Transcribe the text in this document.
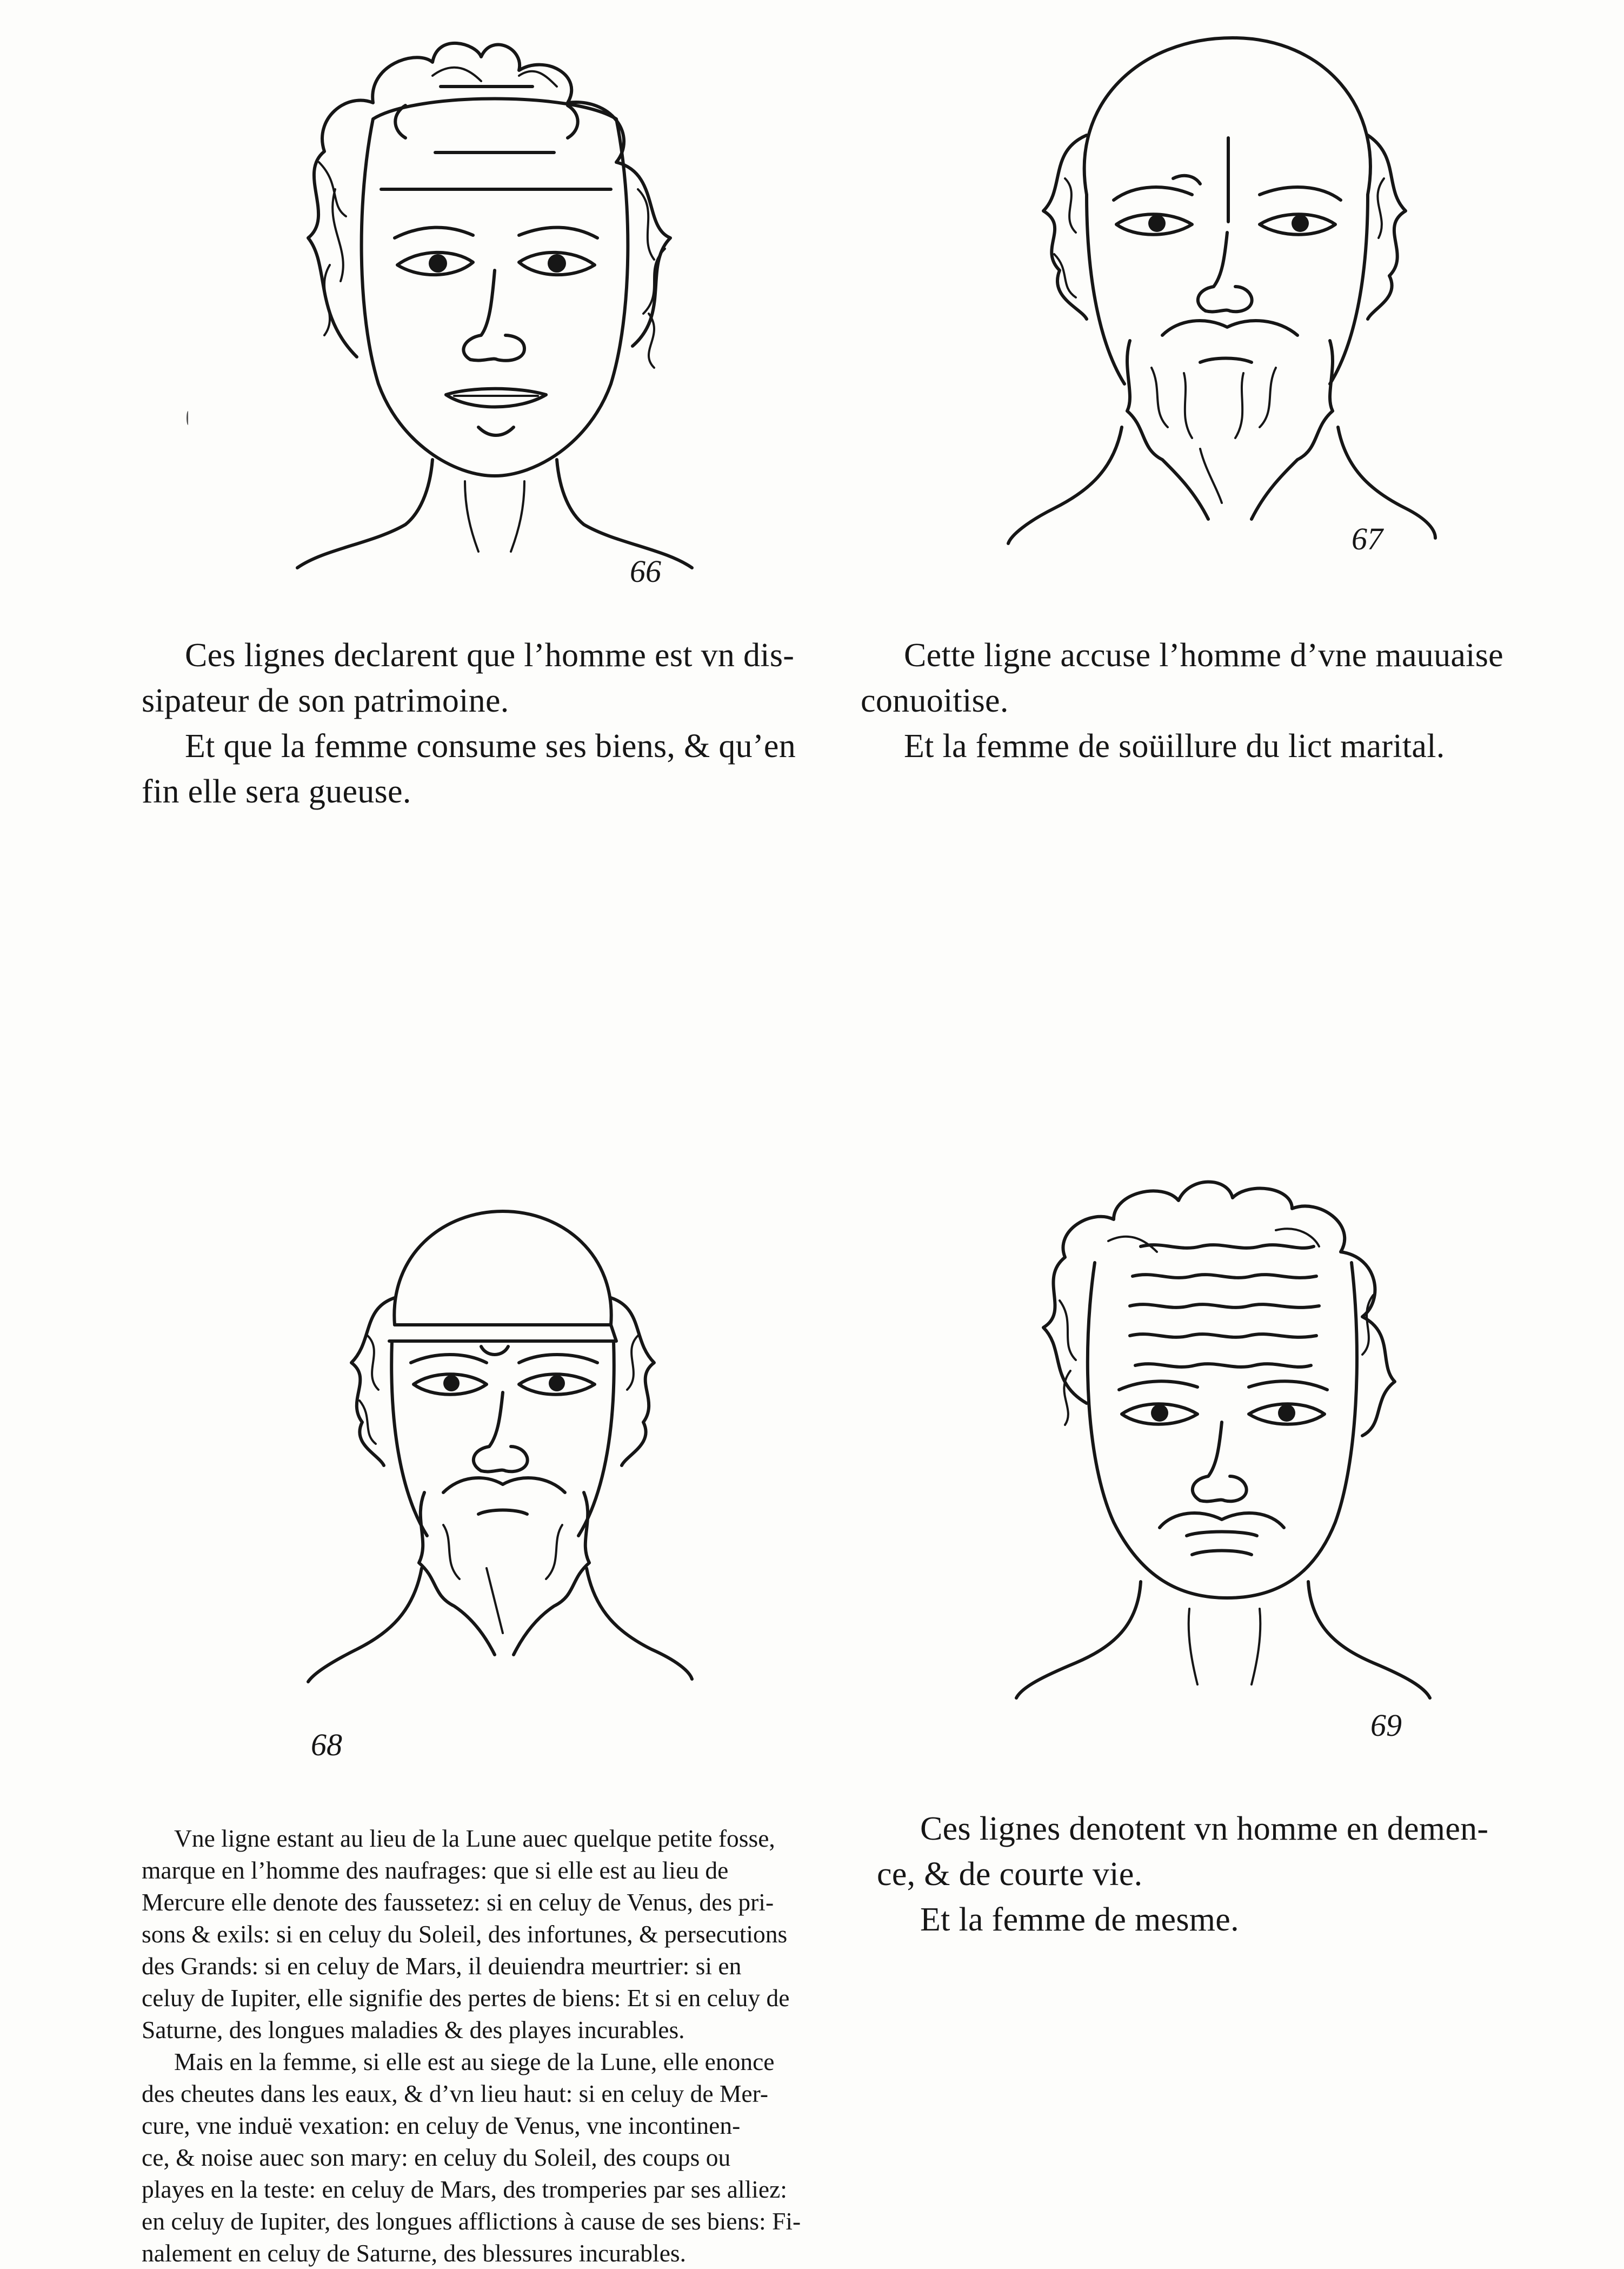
66
67

Ces lignes declarent que l’homme est vn dis-

sipateur de son patrimoine.

Et que la femme consume ses biens, & qu’en

fin elle sera gueuse.

Cette ligne accuse l’homme d’vne mauuaise

conuoitise.

Et la femme de soüillure du lict marital.

68
69

Vne ligne estant au lieu de la Lune auec quelque petite fosse,

marque en l’homme des naufrages: que si elle est au lieu de

Mercure elle denote des faussetez: si en celuy de Venus, des pri-

sons & exils: si en celuy du Soleil, des infortunes, & persecutions

des Grands: si en celuy de Mars, il deuiendra meurtrier: si en

celuy de Iupiter, elle signifie des pertes de biens: Et si en celuy de

Saturne, des longues maladies & des playes incurables.

Mais en la femme, si elle est au siege de la Lune, elle enonce

des cheutes dans les eaux, & d’vn lieu haut: si en celuy de Mer-

cure, vne induë vexation: en celuy de Venus, vne incontinen-

ce, & noise auec son mary: en celuy du Soleil, des coups ou

playes en la teste: en celuy de Mars, des tromperies par ses alliez:

en celuy de Iupiter, des longues afflictions à cause de ses biens: Fi-

nalement en celuy de Saturne, des blessures incurables.

Ces lignes denotent vn homme en demen-

ce, & de courte vie.

Et la femme de mesme.
